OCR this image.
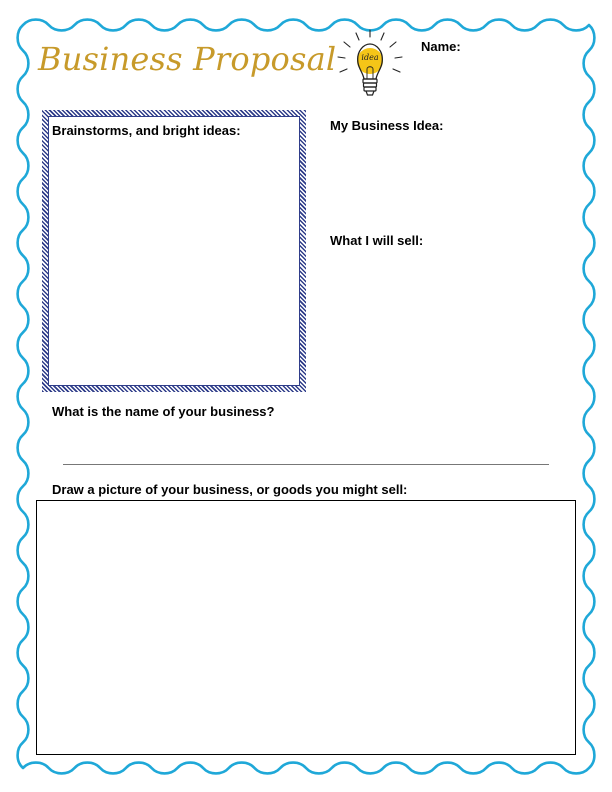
Business Proposal	idea
Name:
Brainstorms, and bright ideas:	My Business Idea:
What I will sell:
What is the name of your business?
Draw a picture of your business, or goods you might sell:
